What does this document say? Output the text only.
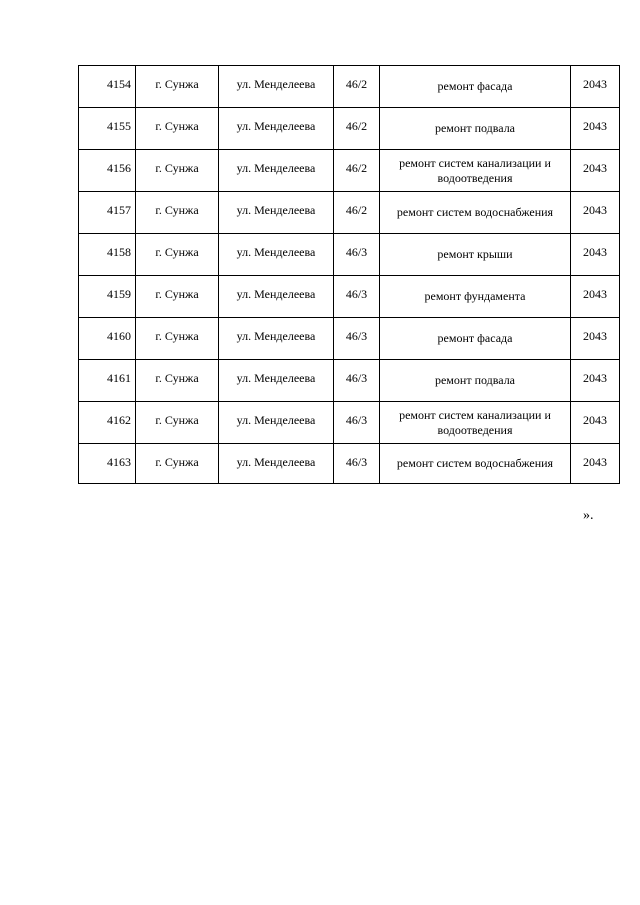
4154	г. Сунжа	ул. Менделеева	46/2	ремонт фасада	2043
4155	г. Сунжа	ул. Менделеева	46/2	ремонт подвала	2043
4156	г. Сунжа	ул. Менделеева	46/2	ремонт систем канализации и водоотведения	2043
4157	г. Сунжа	ул. Менделеева	46/2	ремонт систем водоснабжения	2043
4158	г. Сунжа	ул. Менделеева	46/3	ремонт крыши	2043
4159	г. Сунжа	ул. Менделеева	46/3	ремонт фундамента	2043
4160	г. Сунжа	ул. Менделеева	46/3	ремонт фасада	2043
4161	г. Сунжа	ул. Менделеева	46/3	ремонт подвала	2043
4162	г. Сунжа	ул. Менделеева	46/3	ремонт систем канализации и водоотведения	2043
4163	г. Сунжа	ул. Менделеева	46/3	ремонт систем водоснабжения	2043
».
